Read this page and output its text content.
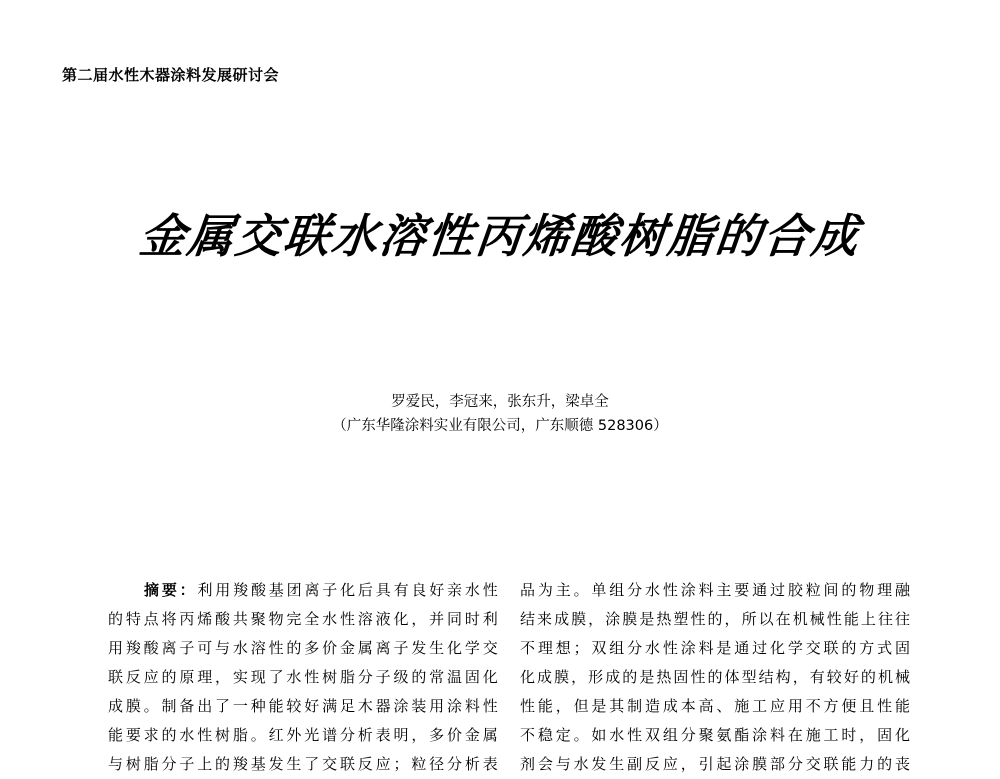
第二届水性木器涂料发展研讨会
金属交联水溶性丙烯酸树脂的合成
罗爱民，李冠来，张东升，梁卓全
（广东华隆涂料实业有限公司，广东顺德 528306）
摘要：利用羧酸基团离子化后具有良好亲水性
的特点将丙烯酸共聚物完全水性溶液化，并同时利
用羧酸离子可与水溶性的多价金属离子发生化学交
联反应的原理，实现了水性树脂分子级的常温固化
成膜。制备出了一种能较好满足木器涂装用涂料性
能要求的水性树脂。红外光谱分析表明，多价金属
与树脂分子上的羧基发生了交联反应；粒径分析表
品为主。单组分水性涂料主要通过胶粒间的物理融
结来成膜，涂膜是热塑性的，所以在机械性能上往往
不理想；双组分水性涂料是通过化学交联的方式固
化成膜，形成的是热固性的体型结构，有较好的机械
性能，但是其制造成本高、施工应用不方便且性能
不稳定。如水性双组分聚氨酯涂料在施工时，固化
剂会与水发生副反应，引起涂膜部分交联能力的丧
